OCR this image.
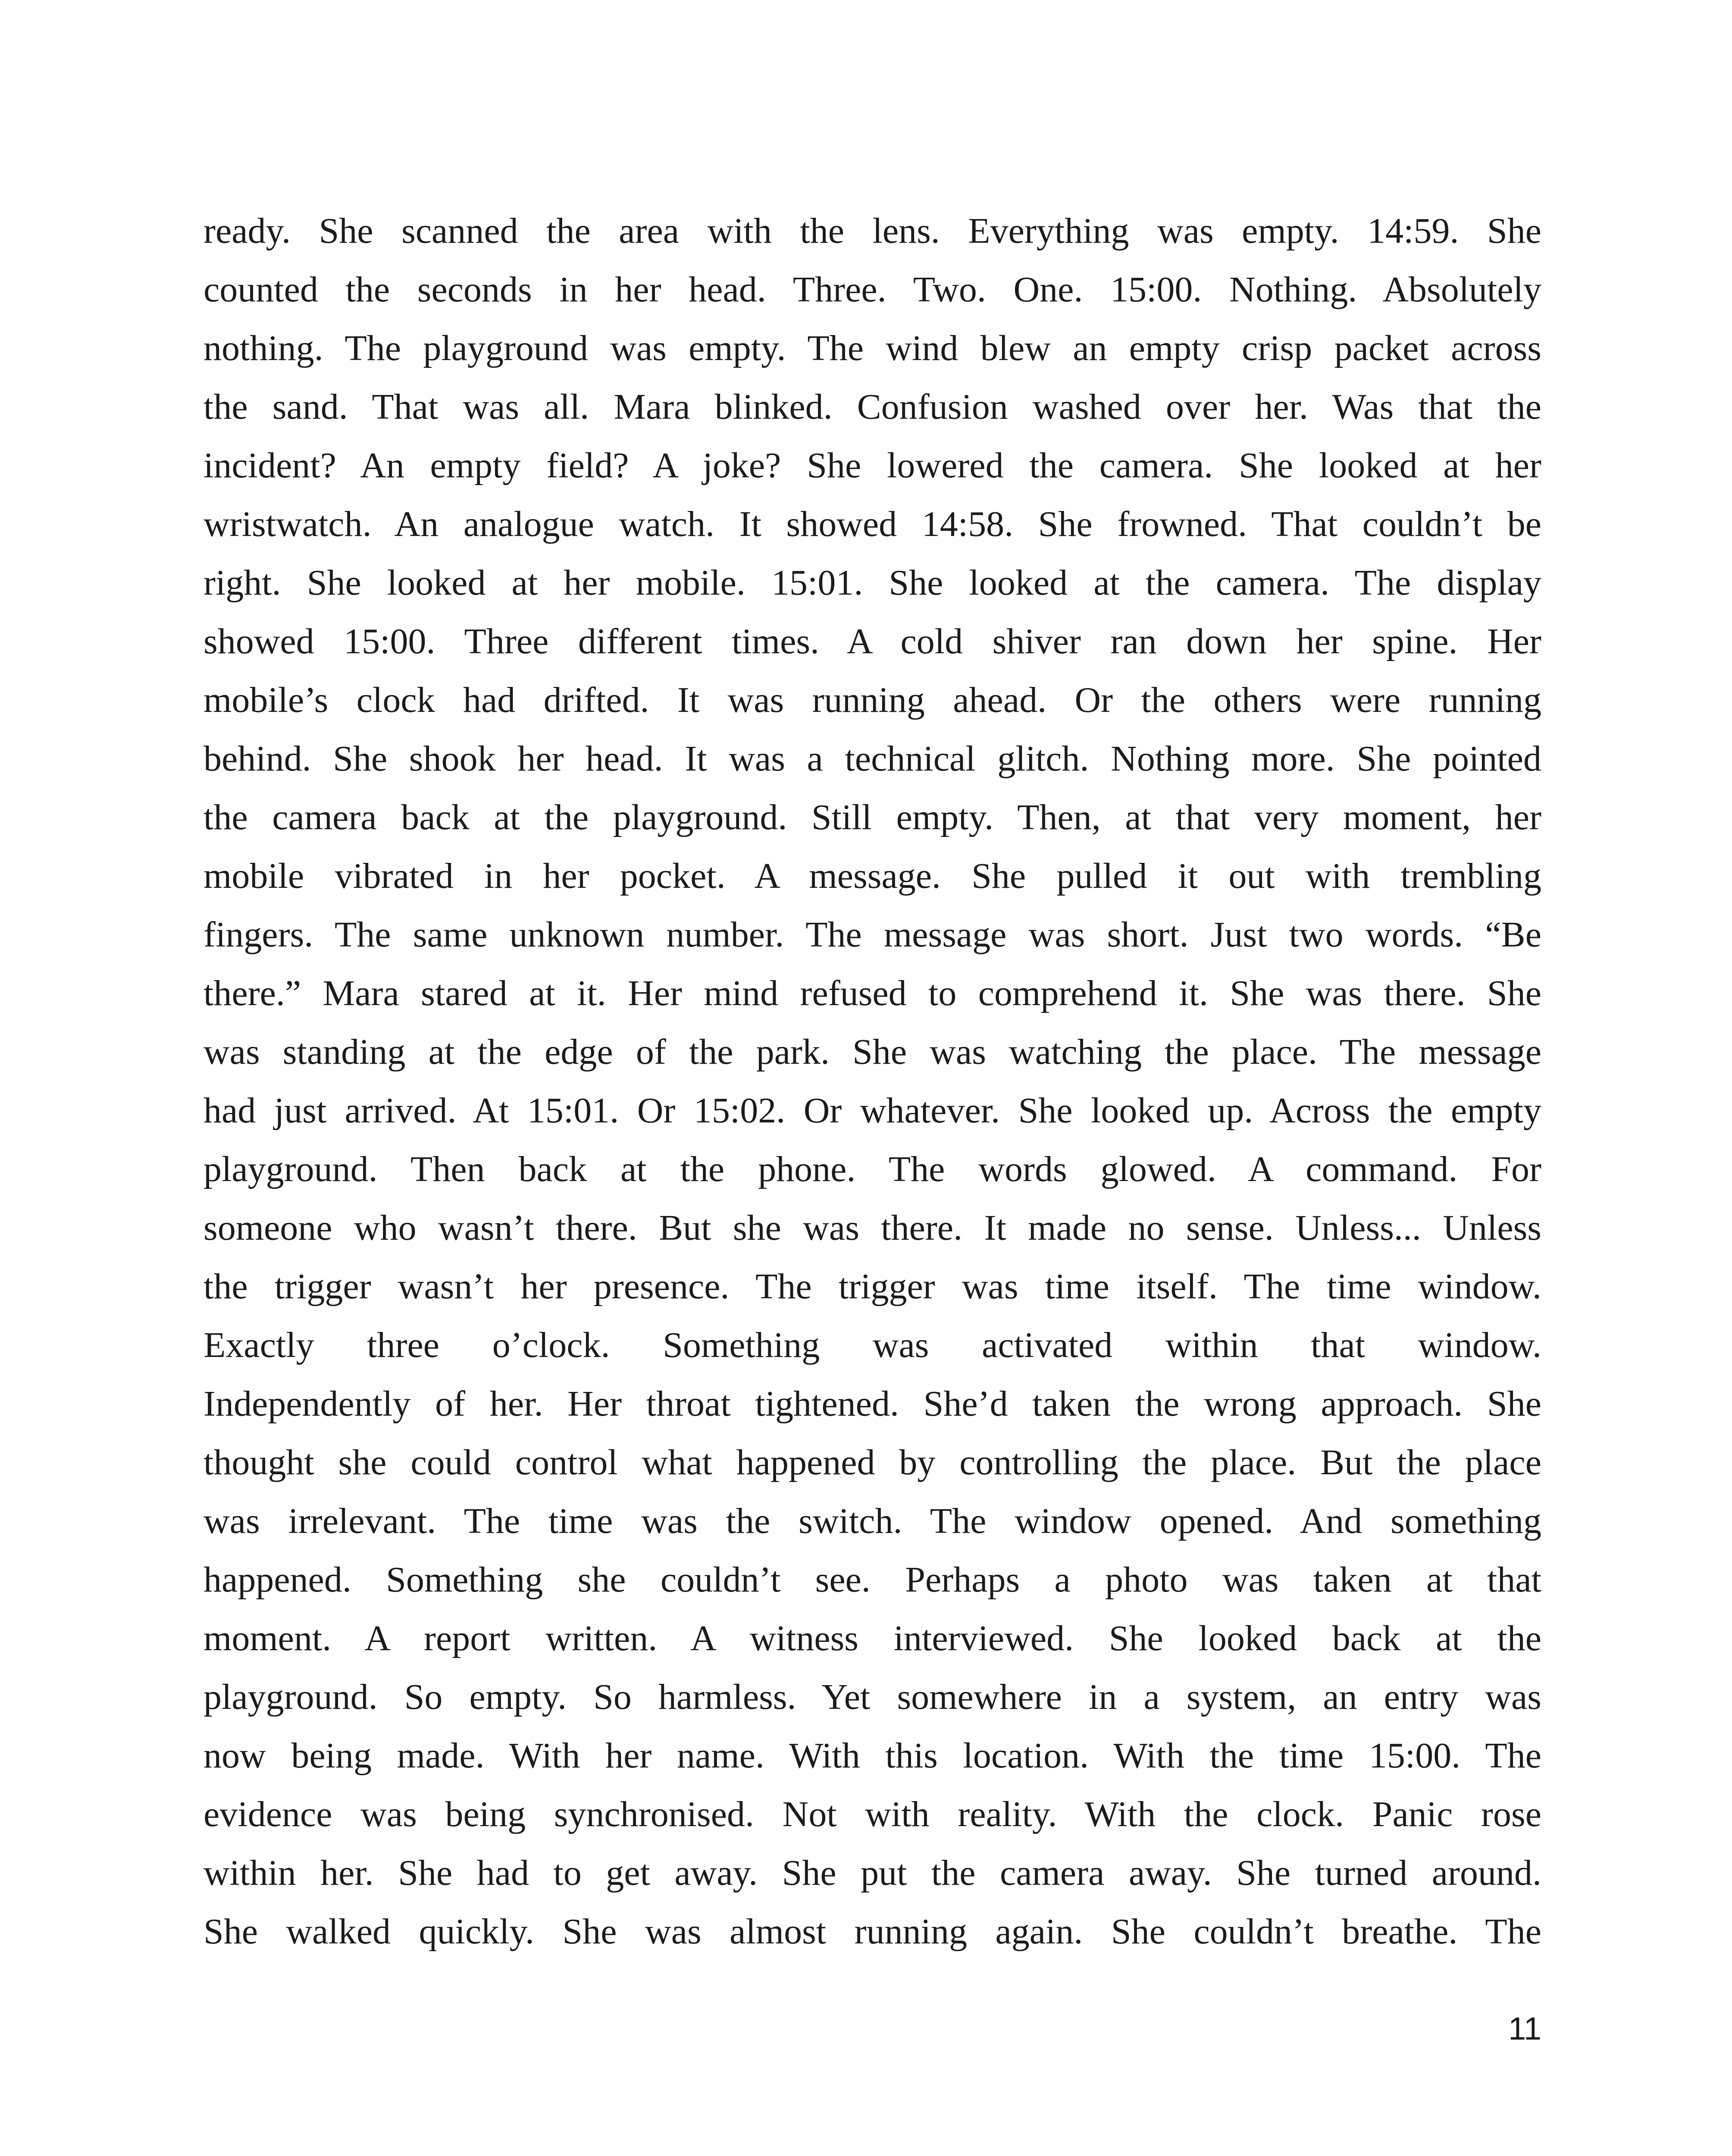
ready. She scanned the area with the lens. Everything was empty. 14:59. She
counted the seconds in her head. Three. Two. One. 15:00. Nothing. Absolutely
nothing. The playground was empty. The wind blew an empty crisp packet across
the sand. That was all. Mara blinked. Confusion washed over her. Was that the
incident? An empty field? A joke? She lowered the camera. She looked at her
wristwatch. An analogue watch. It showed 14:58. She frowned. That couldn’t be
right. She looked at her mobile. 15:01. She looked at the camera. The display
showed 15:00. Three different times. A cold shiver ran down her spine. Her
mobile’s clock had drifted. It was running ahead. Or the others were running
behind. She shook her head. It was a technical glitch. Nothing more. She pointed
the camera back at the playground. Still empty. Then, at that very moment, her
mobile vibrated in her pocket. A message. She pulled it out with trembling
fingers. The same unknown number. The message was short. Just two words. “Be
there.” Mara stared at it. Her mind refused to comprehend it. She was there. She
was standing at the edge of the park. She was watching the place. The message
had just arrived. At 15:01. Or 15:02. Or whatever. She looked up. Across the empty
playground. Then back at the phone. The words glowed. A command. For
someone who wasn’t there. But she was there. It made no sense. Unless... Unless
the trigger wasn’t her presence. The trigger was time itself. The time window.
Exactly three o’clock. Something was activated within that window.
Independently of her. Her throat tightened. She’d taken the wrong approach. She
thought she could control what happened by controlling the place. But the place
was irrelevant. The time was the switch. The window opened. And something
happened. Something she couldn’t see. Perhaps a photo was taken at that
moment. A report written. A witness interviewed. She looked back at the
playground. So empty. So harmless. Yet somewhere in a system, an entry was
now being made. With her name. With this location. With the time 15:00. The
evidence was being synchronised. Not with reality. With the clock. Panic rose
within her. She had to get away. She put the camera away. She turned around.
She walked quickly. She was almost running again. She couldn’t breathe. The
11
